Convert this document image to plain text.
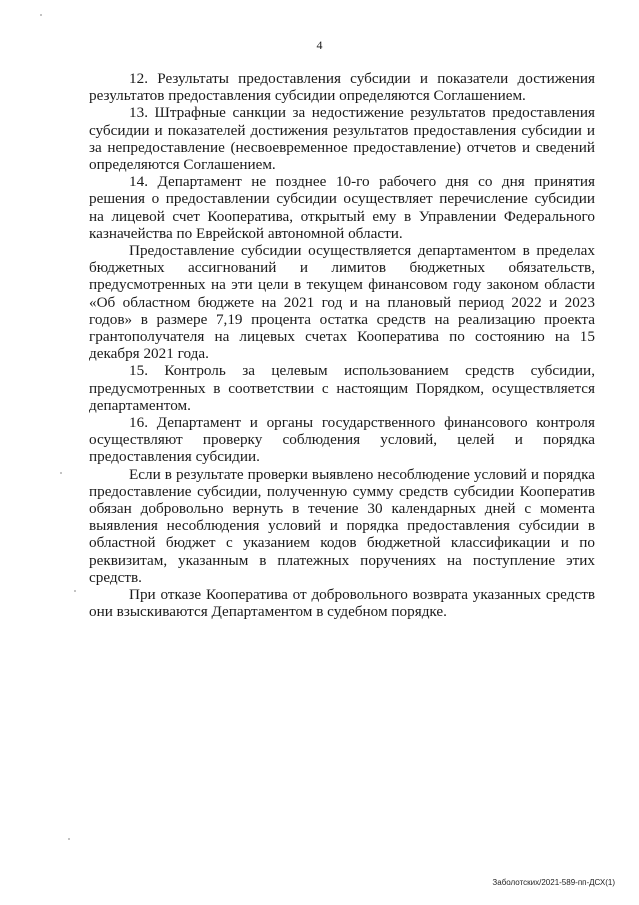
4

12. Результаты предоставления субсидии и показатели достижения результатов предоставления субсидии определяются Соглашением.

13. Штрафные санкции за недостижение результатов предоставления субсидии и показателей достижения результатов предоставления субсидии и за непредоставление (несвоевременное предоставление) отчетов и сведений определяются Соглашением.

14. Департамент не позднее 10-го рабочего дня со дня принятия решения о предоставлении субсидии осуществляет перечисление субсидии на лицевой счет Кооператива, открытый ему в Управлении Федерального казначейства по Еврейской автономной области.

Предоставление субсидии осуществляется департаментом в пределах бюджетных ассигнований и лимитов бюджетных обязательств, предусмотренных на эти цели в текущем финансовом году законом области «Об областном бюджете на 2021 год и на плановый период 2022 и 2023 годов» в размере 7,19 процента остатка средств на реализацию проекта грантополучателя на лицевых счетах Кооператива по состоянию на 15 декабря 2021 года.

15. Контроль за целевым использованием средств субсидии, предусмотренных в соответствии с настоящим Порядком, осуществляется департаментом.

16. Департамент и органы государственного финансового контроля осуществляют проверку соблюдения условий, целей и порядка предоставления субсидии.

Если в результате проверки выявлено несоблюдение условий и порядка предоставление субсидии, полученную сумму средств субсидии Кооператив обязан добровольно вернуть в течение 30 календарных дней с момента выявления несоблюдения условий и порядка предоставления субсидии в областной бюджет с указанием кодов бюджетной классификации и по реквизитам, указанным в платежных поручениях на поступление этих средств.

При отказе Кооператива от добровольного возврата указанных средств они взыскиваются Департаментом в судебном порядке.

Заболотских/2021-589-пп-ДСХ(1)
